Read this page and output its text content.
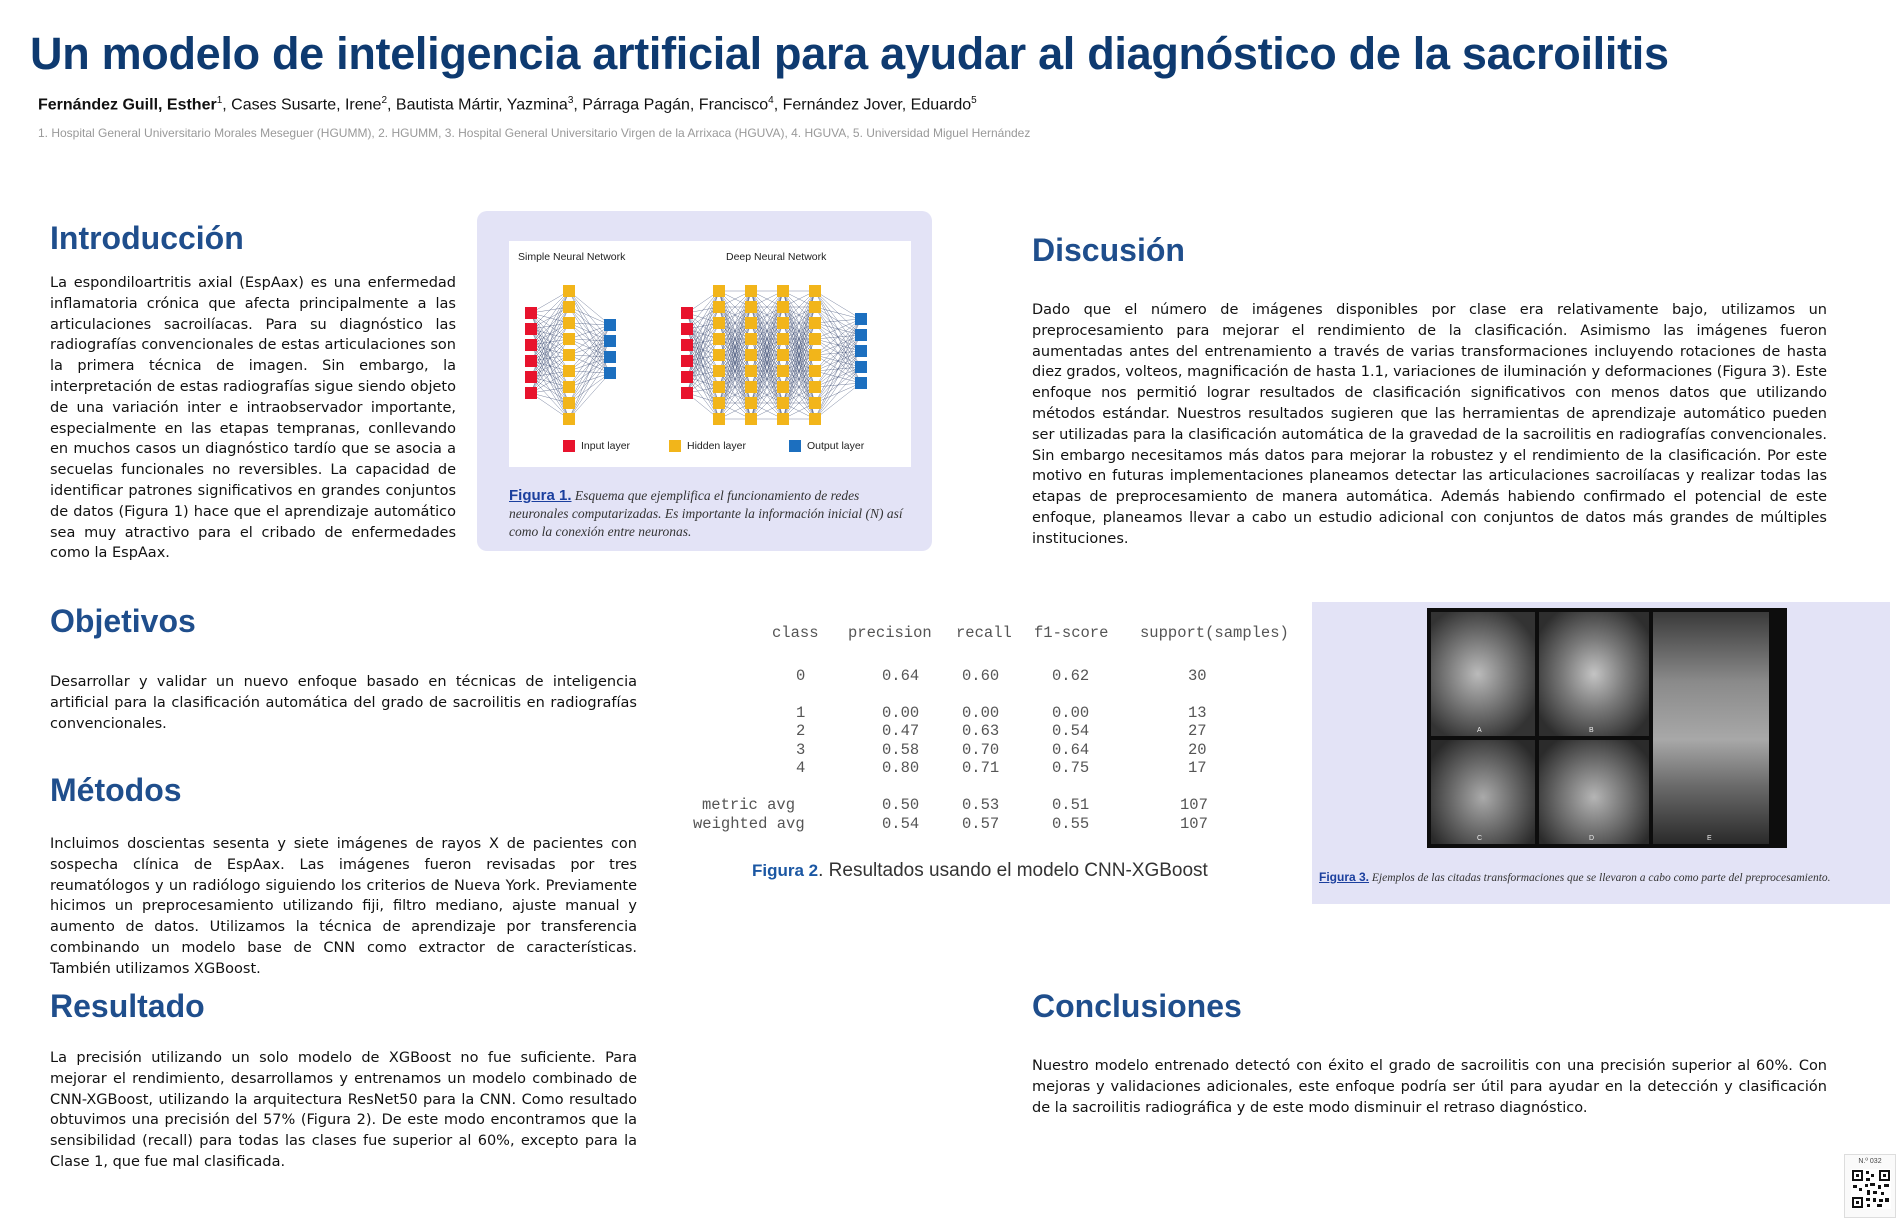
Un modelo de inteligencia artificial para ayudar al diagnóstico de la sacroilitis
Fernández Guill, Esther$^1$, Cases Susarte, Irene$^2$, Bautista Mártir, Yazmina$^3$, Párraga Pagán, Francisco$^4$, Fernández Jover, Eduardo$^5$
1. Hospital General Universitario Morales Meseguer (HGUMM), 2. HGUMM, 3. Hospital General Universitario Virgen de la Arrixaca (HGUVA), 4. HGUVA, 5. Universidad Miguel Hernández
Introducción
La espondiloartritis axial (EspAax) es una enfermedad inflamatoria crónica que afecta principalmente a las articulaciones sacroilíacas. Para su diagnóstico las radiografías convencionales de estas articulaciones son la primera técnica de imagen. Sin embargo, la interpretación de estas radiografías sigue siendo objeto de una variación inter e intraobservador importante, especialmente en las etapas tempranas, conllevando en muchos casos un diagnóstico tardío que se asocia a secuelas funcionales no reversibles. La capacidad de identificar patrones significativos en grandes conjuntos de datos (Figura 1) hace que el aprendizaje automático sea muy atractivo para el cribado de enfermedades como la EspAax.
Simple Neural Network	Deep Neural Network
Input layer	Hidden layer	Output layer
Figura 1. Esquema que ejemplifica el funcionamiento de redes neuronales computarizadas. Es importante la información inicial (N) así como la conexión entre neuronas.
Discusión
Dado que el número de imágenes disponibles por clase era relativamente bajo, utilizamos un preprocesamiento para mejorar el rendimiento de la clasificación. Asimismo las imágenes fueron aumentadas antes del entrenamiento a través de varias transformaciones incluyendo rotaciones de hasta diez grados, volteos, magnificación de hasta 1.1, variaciones de iluminación y deformaciones (Figura 3). Este enfoque nos permitió lograr resultados de clasificación significativos con menos datos que utilizando métodos estándar. Nuestros resultados sugieren que las herramientas de aprendizaje automático pueden ser utilizadas para la clasificación automática de la gravedad de la sacroilitis en radiografías convencionales. Sin embargo necesitamos más datos para mejorar la robustez y el rendimiento de la clasificación. Por este motivo en futuras implementaciones planeamos detectar las articulaciones sacroilíacas y realizar todas las etapas de preprocesamiento de manera automática. Además habiendo confirmado el potencial de este enfoque, planeamos llevar a cabo un estudio adicional con conjuntos de datos más grandes de múltiples instituciones.
Objetivos
Desarrollar y validar un nuevo enfoque basado en técnicas de inteligencia artificial para la clasificación automática del grado de sacroilitis en radiografías convencionales.
Métodos
Incluimos doscientas sesenta y siete imágenes de rayos X de pacientes con sospecha clínica de EspAax. Las imágenes fueron revisadas por tres reumatólogos y un radiólogo siguiendo los criterios de Nueva York. Previamente hicimos un preprocesamiento utilizando fiji, filtro mediano, ajuste manual y aumento de datos. Utilizamos la técnica de aprendizaje por transferencia combinando un modelo base de CNN como extractor de características. También utilizamos XGBoost.
	class	precision	recall	f1-score	support(samples)

	0	0.64	0.60	0.62	30

	1	0.00	0.00	0.00	13
	2	0.47	0.63	0.54	27
	3	0.58	0.70	0.64	20
	4	0.80	0.71	0.75	17

metric avg		0.50	0.53	0.51	107
weighted avg		0.54	0.57	0.55	107
Figura 2. Resultados usando el modelo CNN-XGBoost
A	B
C	D	E
Figura 3. Ejemplos de las citadas transformaciones que se llevaron a cabo como parte del preprocesamiento.
Resultado
La precisión utilizando un solo modelo de XGBoost no fue suficiente. Para mejorar el rendimiento, desarrollamos y entrenamos un modelo combinado de CNN-XGBoost, utilizando la arquitectura ResNet50 para la CNN. Como resultado obtuvimos una precisión del 57% (Figura 2). De este modo encontramos que la sensibilidad (recall) para todas las clases fue superior al 60%, excepto para la Clase 1, que fue mal clasificada.
Conclusiones
Nuestro modelo entrenado detectó con éxito el grado de sacroilitis con una precisión superior al 60%. Con mejoras y validaciones adicionales, este enfoque podría ser útil para ayudar en la detección y clasificación de la sacroilitis radiográfica y de este modo disminuir el retraso diagnóstico.
N.º 032
